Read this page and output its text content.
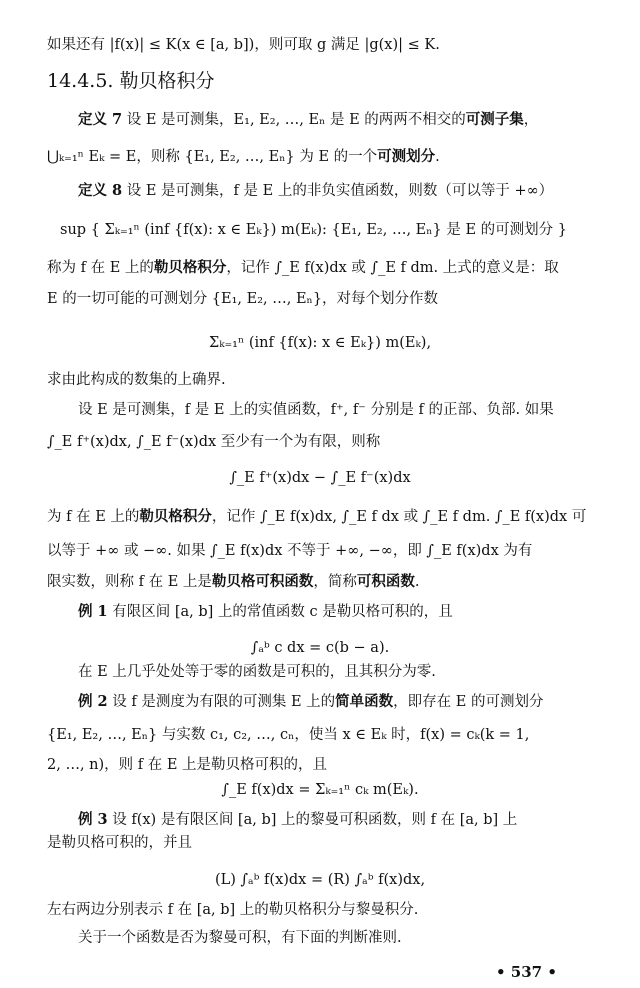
如果还有 |f(x)| ≤ K(x ∈ [a, b])，则可取 g 满足 |g(x)| ≤ K.
14.4.5. 勒贝格积分
定义 7 设 E 是可测集，E₁, E₂, …, Eₙ 是 E 的两两不相交的可测子集，
⋃ₖ₌₁ⁿ Eₖ = E，则称 {E₁, E₂, …, Eₙ} 为 E 的一个可测划分.
定义 8 设 E 是可测集，f 是 E 上的非负实值函数，则数（可以等于 +∞）
sup { Σₖ₌₁ⁿ (inf {f(x): x ∈ Eₖ}) m(Eₖ): {E₁, E₂, …, Eₙ} 是 E 的可测划分 }
称为 f 在 E 上的勒贝格积分，记作 ∫_E f(x)dx 或 ∫_E f dm. 上式的意义是：取
E 的一切可能的可测划分 {E₁, E₂, …, Eₙ}，对每个划分作数
Σₖ₌₁ⁿ (inf {f(x): x ∈ Eₖ}) m(Eₖ),
求由此构成的数集的上确界.
设 E 是可测集，f 是 E 上的实值函数，f⁺, f⁻ 分别是 f 的正部、负部. 如果
∫_E f⁺(x)dx, ∫_E f⁻(x)dx 至少有一个为有限，则称
∫_E f⁺(x)dx − ∫_E f⁻(x)dx
为 f 在 E 上的勒贝格积分，记作 ∫_E f(x)dx, ∫_E f dx 或 ∫_E f dm. ∫_E f(x)dx 可
以等于 +∞ 或 −∞. 如果 ∫_E f(x)dx 不等于 +∞, −∞，即 ∫_E f(x)dx 为有
限实数，则称 f 在 E 上是勒贝格可积函数，简称可积函数.
例 1 有限区间 [a, b] 上的常值函数 c 是勒贝格可积的，且
∫ₐᵇ c dx = c(b − a).
在 E 上几乎处处等于零的函数是可积的，且其积分为零.
例 2 设 f 是测度为有限的可测集 E 上的简单函数，即存在 E 的可测划分
{E₁, E₂, …, Eₙ} 与实数 c₁, c₂, …, cₙ，使当 x ∈ Eₖ 时，f(x) = cₖ(k = 1,
2, …, n)，则 f 在 E 上是勒贝格可积的，且
∫_E f(x)dx = Σₖ₌₁ⁿ cₖ m(Eₖ).
例 3 设 f(x) 是有限区间 [a, b] 上的黎曼可积函数，则 f 在 [a, b] 上
是勒贝格可积的，并且
(L) ∫ₐᵇ f(x)dx = (R) ∫ₐᵇ f(x)dx,
左右两边分别表示 f 在 [a, b] 上的勒贝格积分与黎曼积分.
关于一个函数是否为黎曼可积，有下面的判断准则.
• 537 •
